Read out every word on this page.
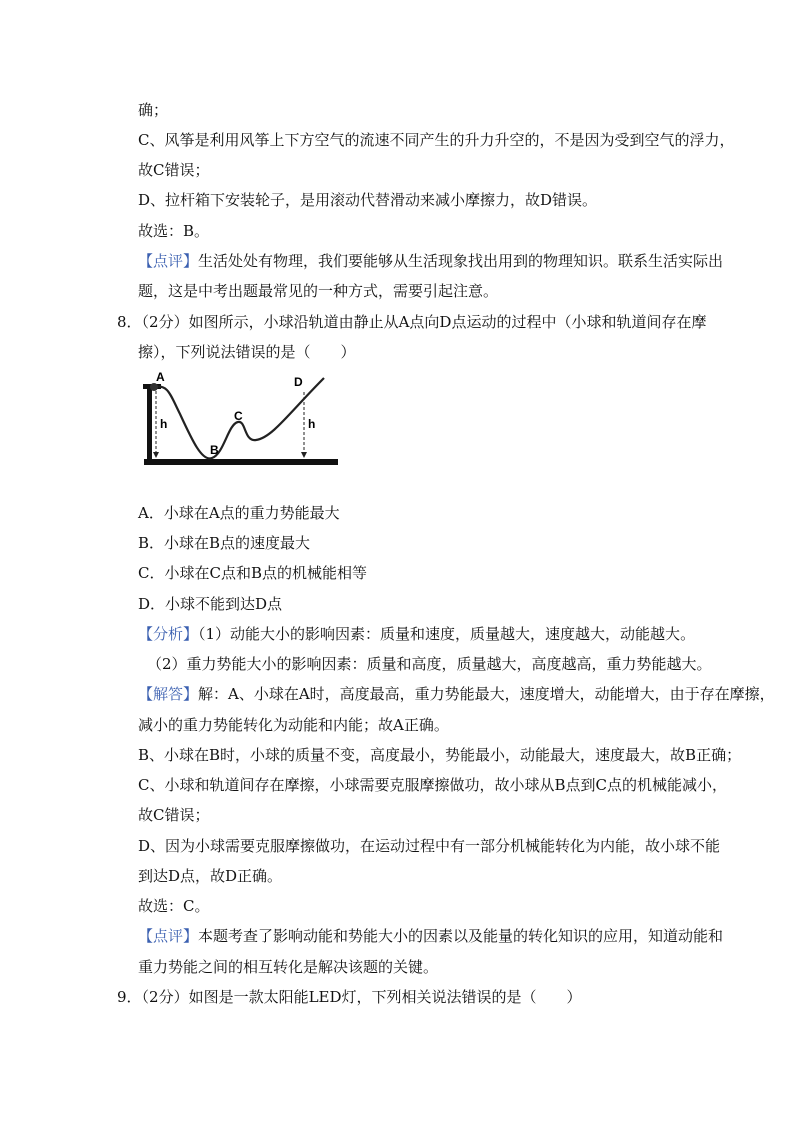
确；
C、风筝是利用风筝上下方空气的流速不同产生的升力升空的，不是因为受到空气的浮力，
故C错误；
D、拉杆箱下安装轮子，是用滚动代替滑动来减小摩擦力，故D错误。
故选：B。
【点评】生活处处有物理，我们要能够从生活现象找出用到的物理知识。联系生活实际出
题，这是中考出题最常见的一种方式，需要引起注意。
8．（2分）如图所示，小球沿轨道由静止从A点向D点运动的过程中（小球和轨道间存在摩
擦），下列说法错误的是（　　）
A
B
C
D
h	h
A．小球在A点的重力势能最大
B．小球在B点的速度最大
C．小球在C点和B点的机械能相等
D．小球不能到达D点
【分析】（1）动能大小的影响因素：质量和速度，质量越大，速度越大，动能越大。
（2）重力势能大小的影响因素：质量和高度，质量越大，高度越高，重力势能越大。
【解答】解：A、小球在A时，高度最高，重力势能最大，速度增大，动能增大，由于存在摩擦，
减小的重力势能转化为动能和内能；故A正确。
B、小球在B时，小球的质量不变，高度最小，势能最小，动能最大，速度最大，故B正确；
C、小球和轨道间存在摩擦，小球需要克服摩擦做功，故小球从B点到C点的机械能减小，
故C错误；
D、因为小球需要克服摩擦做功，在运动过程中有一部分机械能转化为内能，故小球不能
到达D点，故D正确。
故选：C。
【点评】本题考查了影响动能和势能大小的因素以及能量的转化知识的应用，知道动能和
重力势能之间的相互转化是解决该题的关键。
9．（2分）如图是一款太阳能LED灯，下列相关说法错误的是（　　）
